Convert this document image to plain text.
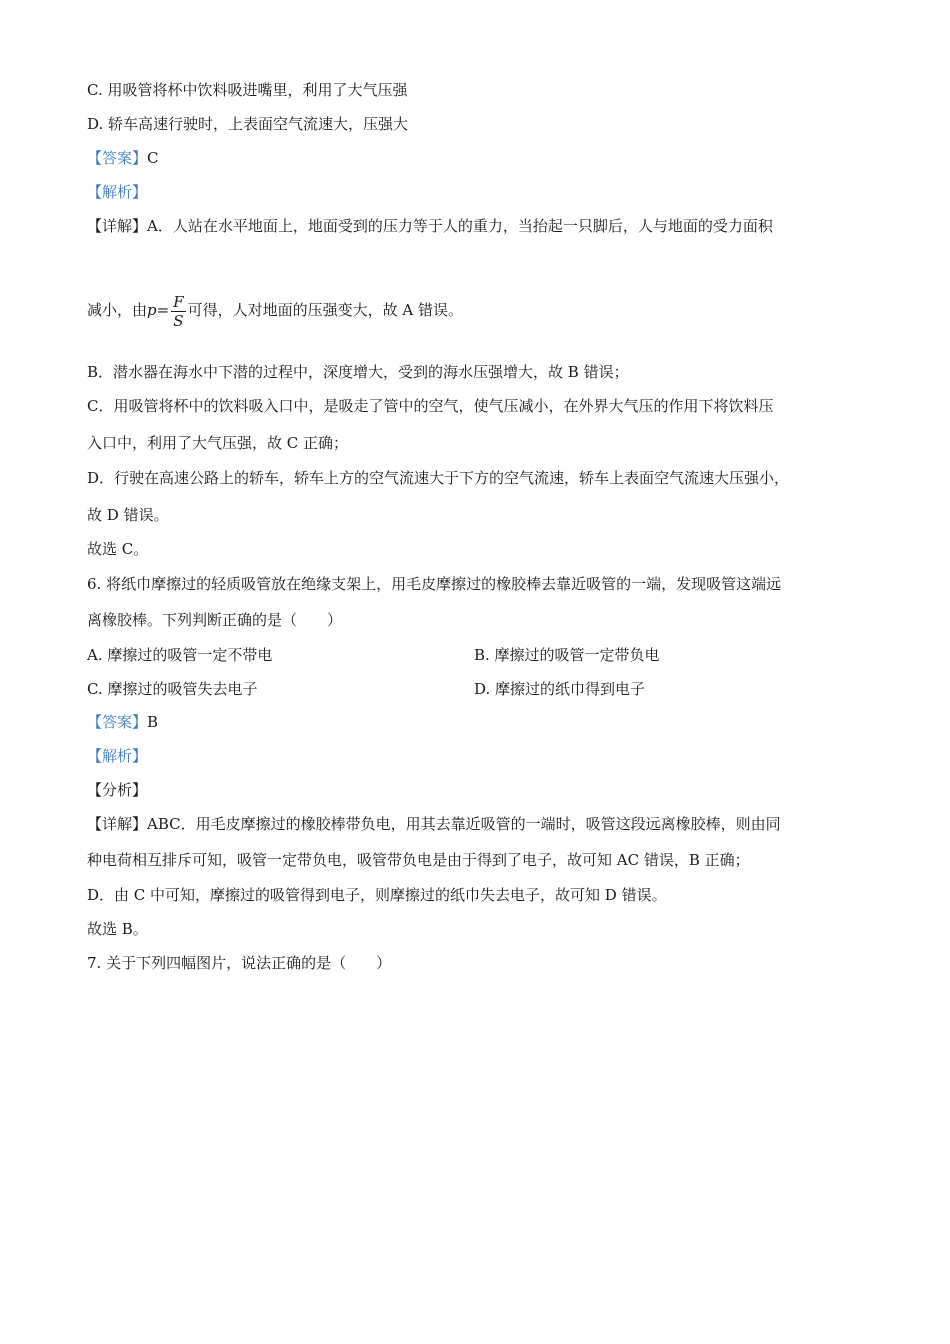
C. 用吸管将杯中饮料吸进嘴里，利用了大气压强
D. 轿车高速行驶时，上表面空气流速大，压强大
【答案】C
【解析】
【详解】A．人站在水平地面上，地面受到的压力等于人的重力，当抬起一只脚后，人与地面的受力面积
减小，由$p= \frac{F}{S}$ 可得，人对地面的压强变大，故 A 错误。
B．潜水器在海水中下潜的过程中，深度增大，受到的海水压强增大，故 B 错误；
C．用吸管将杯中的饮料吸入口中，是吸走了管中的空气，使气压减小，在外界大气压的作用下将饮料压
入口中，利用了大气压强，故 C 正确；
D．行驶在高速公路上的轿车，轿车上方的空气流速大于下方的空气流速，轿车上表面空气流速大压强小，
故 D 错误。
故选 C。
6. 将纸巾摩擦过的轻质吸管放在绝缘支架上，用毛皮摩擦过的橡胶棒去靠近吸管的一端，发现吸管这端远
离橡胶棒。下列判断正确的是（　　）
A. 摩擦过的吸管一定不带电	B. 摩擦过的吸管一定带负电
C. 摩擦过的吸管失去电子	D. 摩擦过的纸巾得到电子
【答案】B
【解析】
【分析】
【详解】ABC．用毛皮摩擦过的橡胶棒带负电，用其去靠近吸管的一端时，吸管这段远离橡胶棒，则由同
种电荷相互排斥可知，吸管一定带负电，吸管带负电是由于得到了电子，故可知 AC 错误，B 正确；
D．由 C 中可知，摩擦过的吸管得到电子，则摩擦过的纸巾失去电子，故可知 D 错误。
故选 B。
7. 关于下列四幅图片，说法正确的是（　　）
